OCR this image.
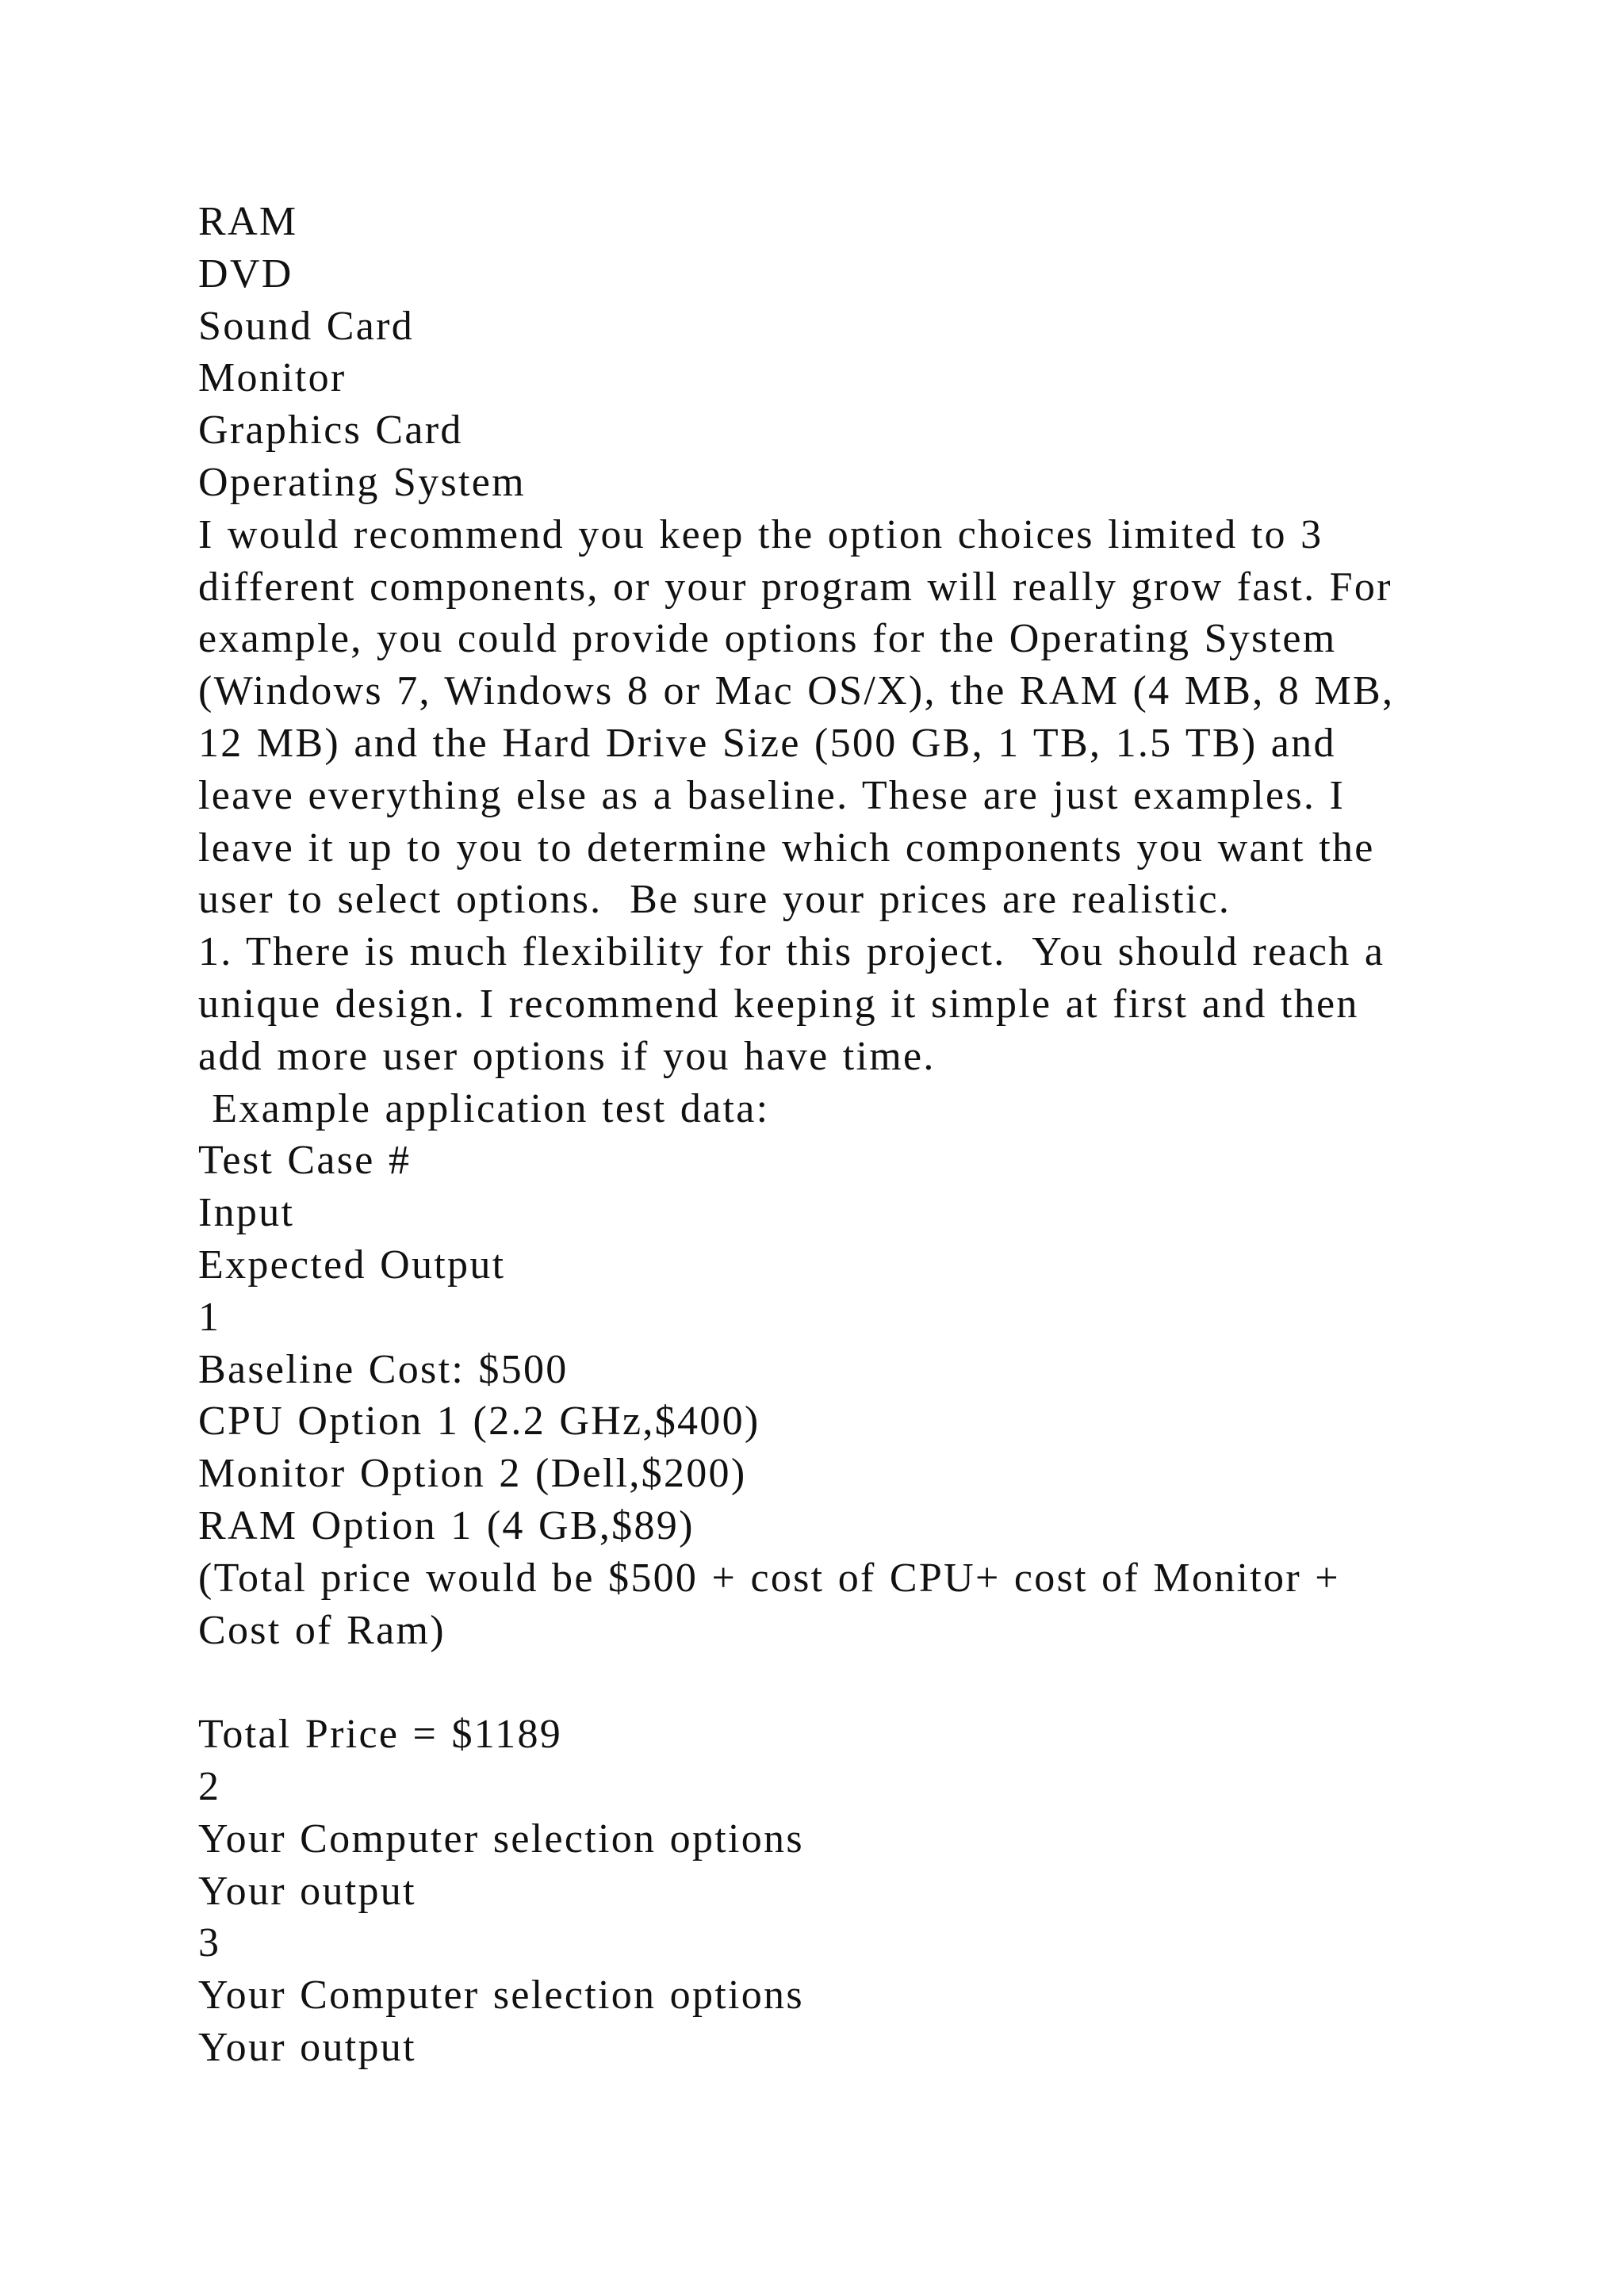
RAM
DVD
Sound Card
Monitor
Graphics Card
Operating System
I would recommend you keep the option choices limited to 3
different components, or your program will really grow fast. For
example, you could provide options for the Operating System
(Windows 7, Windows 8 or Mac OS/X), the RAM (4 MB, 8 MB,
12 MB) and the Hard Drive Size (500 GB, 1 TB, 1.5 TB) and
leave everything else as a baseline. These are just examples. I
leave it up to you to determine which components you want the
user to select options.  Be sure your prices are realistic.
1. There is much flexibility for this project.  You should reach a
unique design. I recommend keeping it simple at first and then
add more user options if you have time.
Example application test data:
Test Case #
Input
Expected Output
1
Baseline Cost: $500
CPU Option 1 (2.2 GHz,$400)
Monitor Option 2 (Dell,$200)
RAM Option 1 (4 GB,$89)
(Total price would be $500 + cost of CPU+ cost of Monitor +
Cost of Ram)
Total Price = $1189
2
Your Computer selection options
Your output
3
Your Computer selection options
Your output
